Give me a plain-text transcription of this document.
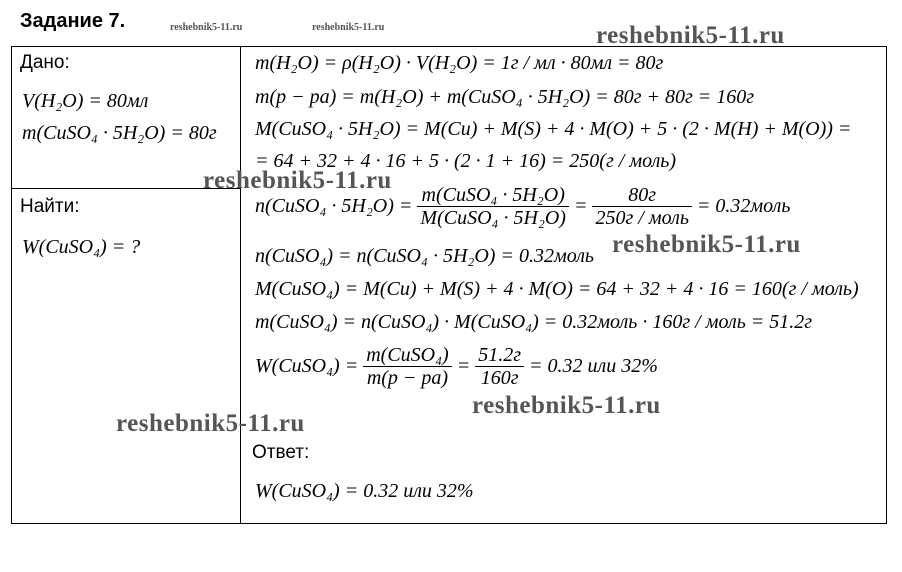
Задание 7.	reshebnik5-11.ru	reshebnik5-11.ru
Дано:
V(H₂O) = 80мл
m(CuSO₄ · 5H₂O) = 80г
Найти:
W(CuSO₄) = ?
m(H₂O) = ρ(H₂O) · V(H₂O) = 1г / мл · 80мл = 80г
m(р − ра) = m(H₂O) + m(CuSO₄ · 5H₂O) = 80г + 80г = 160г
M(CuSO₄ · 5H₂O) = M(Cu) + M(S) + 4 · M(O) + 5 · (2 · M(H) + M(O)) =
= 64 + 32 + 4 · 16 + 5 · (2 · 1 + 16) = 250(г / моль)
n(CuSO₄ · $5H_2O) = \frac{\text{m(CuSO₄ · 5H₂O)}}{\text{M(CuSO₄ · 5H₂O)}} = \frac{80г}{\text{250г / моль}}$ = 0.32моль
n(CuSO₄) = n(CuSO₄ · 5H₂O) = 0.32моль
M(CuSO₄) = M(Cu) + M(S) + 4 · M(O) = 64 + 32 + 4 · 16 = 160(г / моль)
m(CuSO₄) = n(CuSO₄) · M(CuSO₄) = 0.32моль · 160г / моль = 51.2г
W(CuSO₄) = $\frac{\text{m(CuSO₄)}}{m(р - ра)} = \frac{51.2г}{160г} = 0.32$ или 32%
Ответ:
W(CuSO₄) = 0.32 или 32%
reshebnik5-11.ru
reshebnik5-11.ru
reshebnik5-11.ru
reshebnik5-11.ru
reshebnik5-11.ru
